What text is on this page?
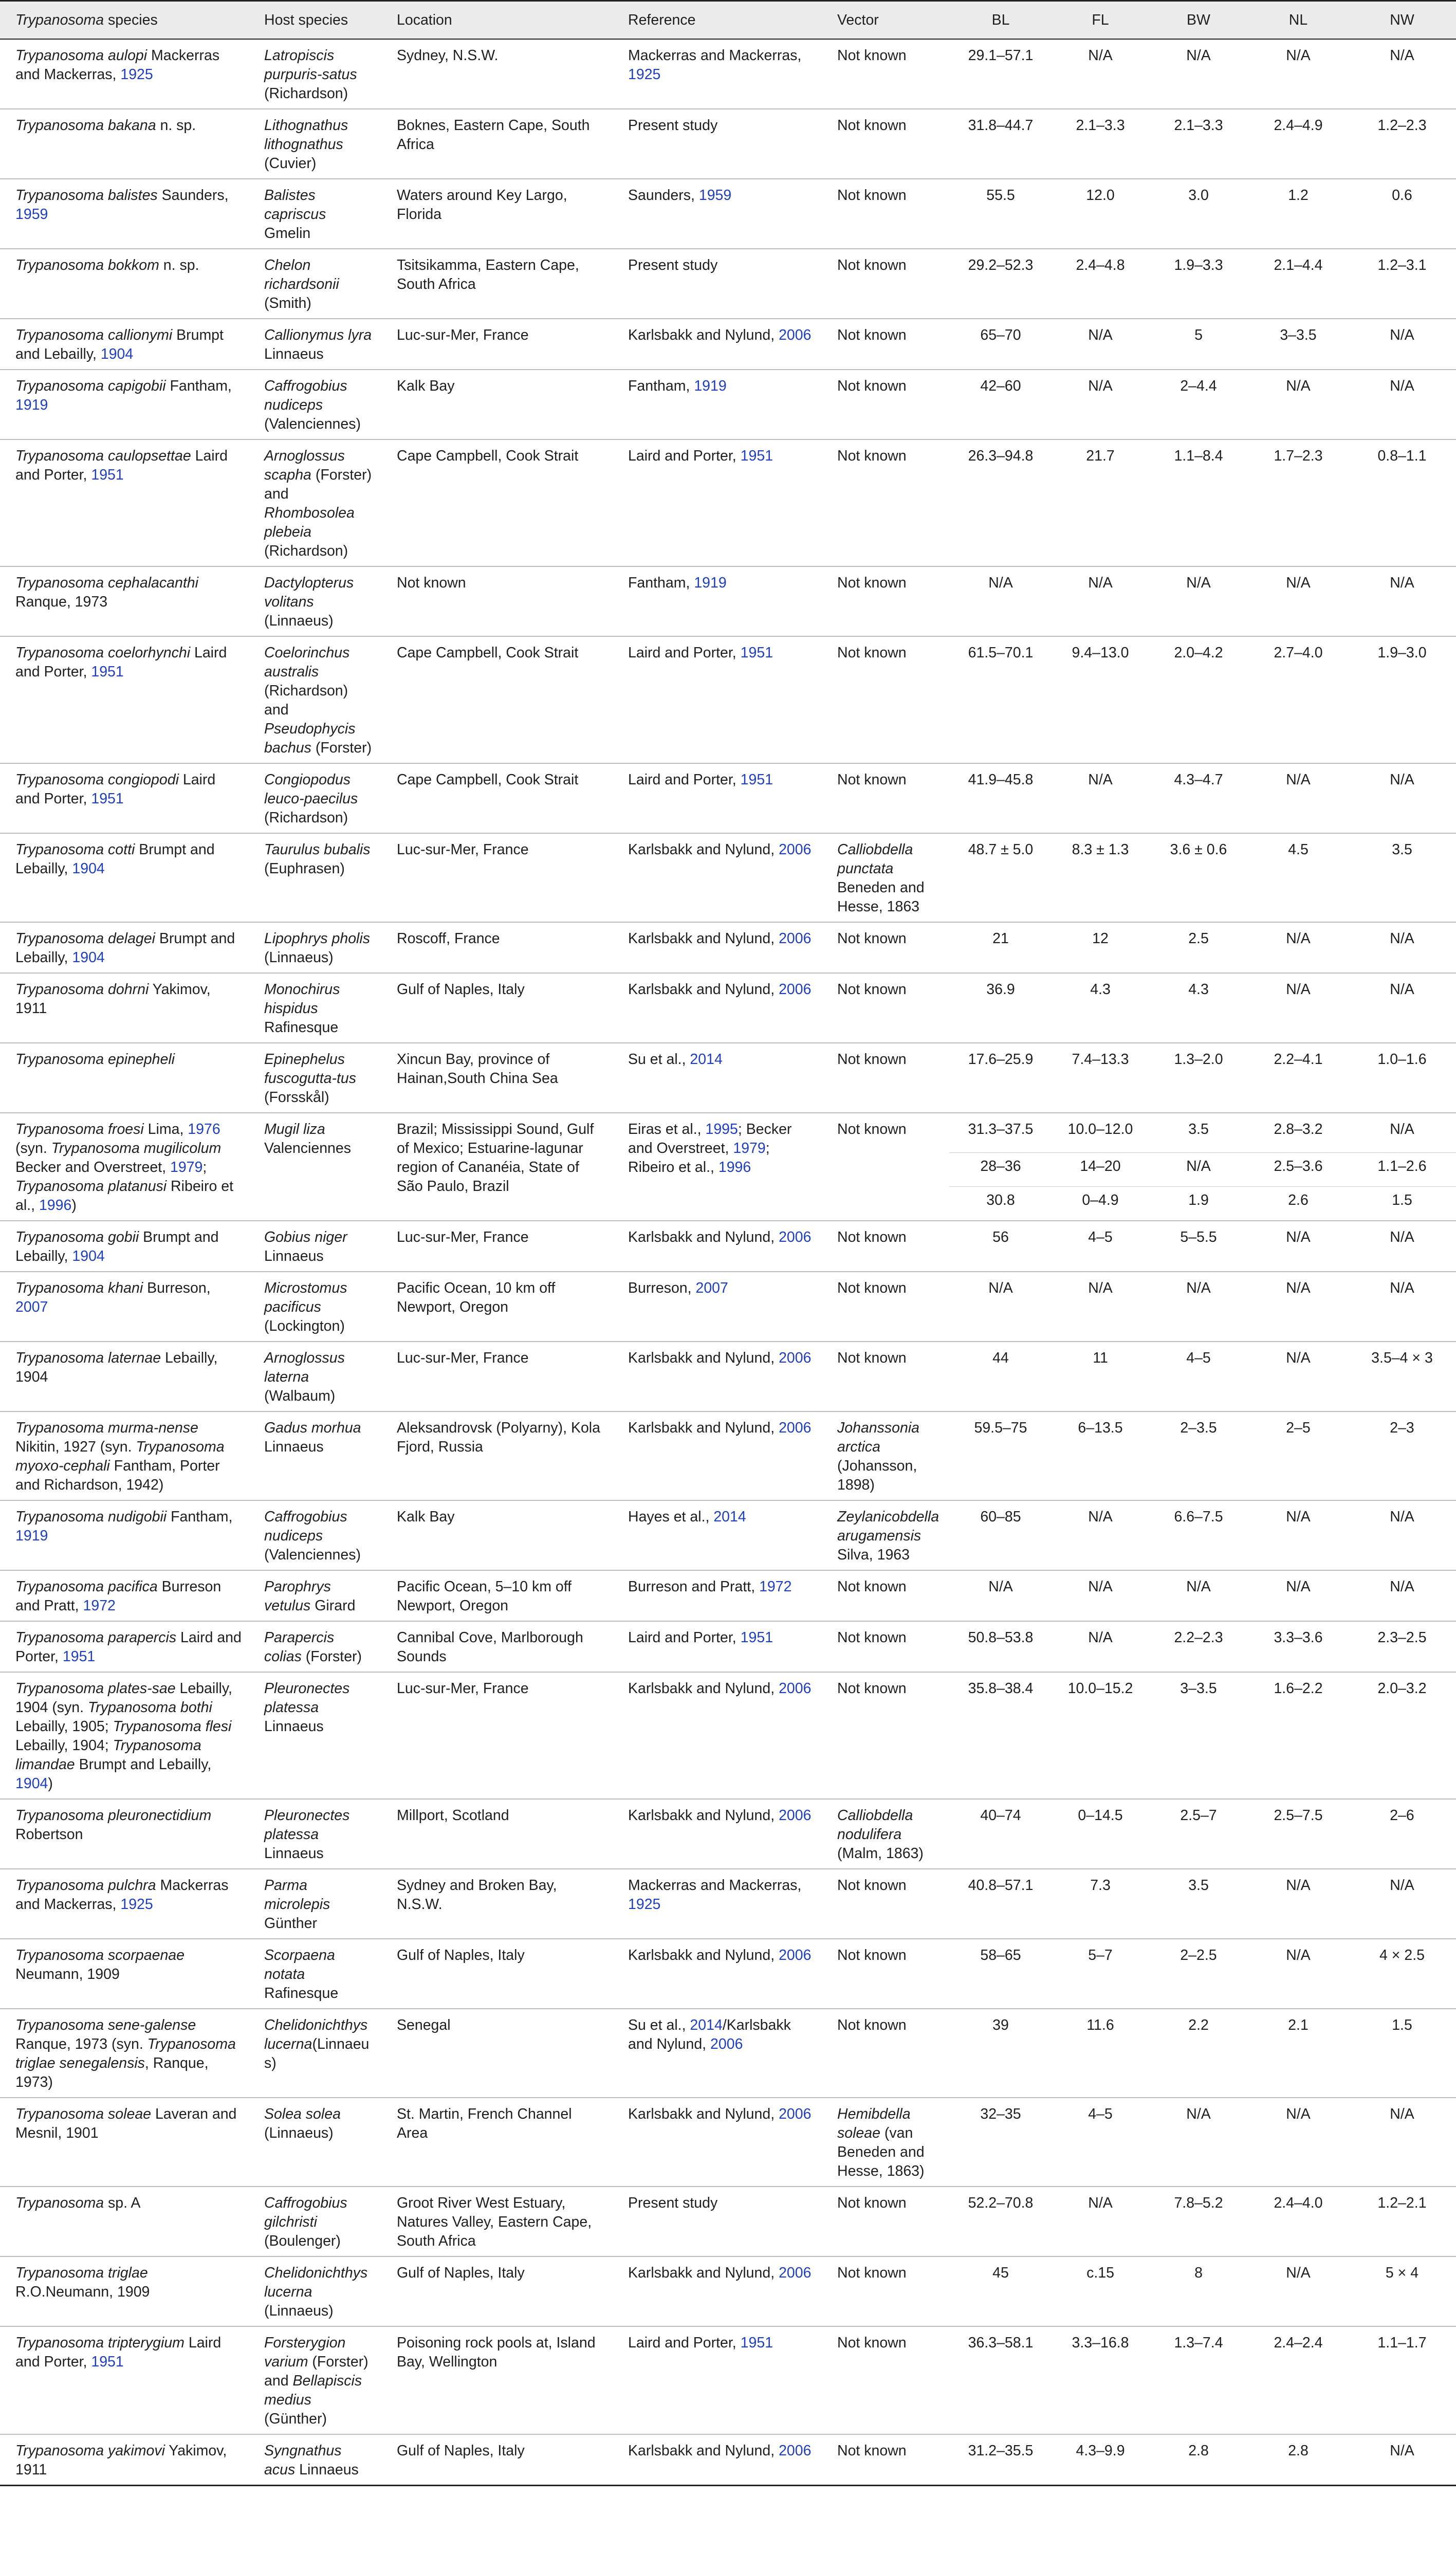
Trypanosoma species	Host species	Location	Reference	Vector	BL	FL	BW	NL	NW
Trypanosoma aulopi Mackerras and Mackerras, 1925	Latropiscis purpuris-satus (Richardson)	Sydney, N.S.W.	Mackerras and Mackerras, 1925	Not known	29.1–57.1	N/A	N/A	N/A	N/A
Trypanosoma bakana n. sp.	Lithognathus lithognathus (Cuvier)	Boknes, Eastern Cape, South Africa	Present study	Not known	31.8–44.7	2.1–3.3	2.1–3.3	2.4–4.9	1.2–2.3
Trypanosoma balistes Saunders, 1959	Balistes capriscus Gmelin	Waters around Key Largo, Florida	Saunders, 1959	Not known	55.5	12.0	3.0	1.2	0.6
Trypanosoma bokkom n. sp.	Chelon richardsonii (Smith)	Tsitsikamma, Eastern Cape, South Africa	Present study	Not known	29.2–52.3	2.4–4.8	1.9–3.3	2.1–4.4	1.2–3.1
Trypanosoma callionymi Brumpt and Lebailly, 1904	Callionymus lyra Linnaeus	Luc-sur-Mer, France	Karlsbakk and Nylund, 2006	Not known	65–70	N/A	5	3–3.5	N/A
Trypanosoma capigobii Fantham, 1919	Caffrogobius nudiceps (Valenciennes)	Kalk Bay	Fantham, 1919	Not known	42–60	N/A	2–4.4	N/A	N/A
Trypanosoma caulopsettae Laird and Porter, 1951	Arnoglossus scapha (Forster) and Rhombosolea plebeia (Richardson)	Cape Campbell, Cook Strait	Laird and Porter, 1951	Not known	26.3–94.8	21.7	1.1–8.4	1.7–2.3	0.8–1.1
Trypanosoma cephalacanthi Ranque, 1973	Dactylopterus volitans (Linnaeus)	Not known	Fantham, 1919	Not known	N/A	N/A	N/A	N/A	N/A
Trypanosoma coelorhynchi Laird and Porter, 1951	Coelorinchus australis (Richardson) and Pseudophycis bachus (Forster)	Cape Campbell, Cook Strait	Laird and Porter, 1951	Not known	61.5–70.1	9.4–13.0	2.0–4.2	2.7–4.0	1.9–3.0
Trypanosoma congiopodi Laird and Porter, 1951	Congiopodus leuco-paecilus (Richardson)	Cape Campbell, Cook Strait	Laird and Porter, 1951	Not known	41.9–45.8	N/A	4.3–4.7	N/A	N/A
Trypanosoma cotti Brumpt and Lebailly, 1904	Taurulus bubalis (Euphrasen)	Luc-sur-Mer, France	Karlsbakk and Nylund, 2006	Calliobdella punctata Beneden and Hesse, 1863	48.7 ± 5.0	8.3 ± 1.3	3.6 ± 0.6	4.5	3.5
Trypanosoma delagei Brumpt and Lebailly, 1904	Lipophrys pholis (Linnaeus)	Roscoff, France	Karlsbakk and Nylund, 2006	Not known	21	12	2.5	N/A	N/A
Trypanosoma dohrni Yakimov, 1911	Monochirus hispidus Rafinesque	Gulf of Naples, Italy	Karlsbakk and Nylund, 2006	Not known	36.9	4.3	4.3	N/A	N/A
Trypanosoma epinepheli	Epinephelus fuscogutta-tus (Forsskål)	Xincun Bay, province of Hainan,South China Sea	Su et al., 2014	Not known	17.6–25.9	7.4–13.3	1.3–2.0	2.2–4.1	1.0–1.6
Trypanosoma froesi Lima, 1976 (syn. Trypanosoma mugilicolum Becker and Overstreet, 1979; Trypanosoma platanusi Ribeiro et al., 1996)	Mugil liza Valenciennes	Brazil; Mississippi Sound, Gulf of Mexico; Estuarine-lagunar region of Cananéia, State of São Paulo, Brazil	Eiras et al., 1995; Becker and Overstreet, 1979; Ribeiro et al., 1996	Not known	31.3–37.5	10.0–12.0	3.5	2.8–3.2	N/A
					28–36	14–20	N/A	2.5–3.6	1.1–2.6
					30.8	0–4.9	1.9	2.6	1.5
Trypanosoma gobii Brumpt and Lebailly, 1904	Gobius niger Linnaeus	Luc-sur-Mer, France	Karlsbakk and Nylund, 2006	Not known	56	4–5	5–5.5	N/A	N/A
Trypanosoma khani Burreson, 2007	Microstomus pacificus (Lockington)	Pacific Ocean, 10 km off Newport, Oregon	Burreson, 2007	Not known	N/A	N/A	N/A	N/A	N/A
Trypanosoma laternae Lebailly, 1904	Arnoglossus laterna (Walbaum)	Luc-sur-Mer, France	Karlsbakk and Nylund, 2006	Not known	44	11	4–5	N/A	3.5–4 × 3
Trypanosoma murma-nense Nikitin, 1927 (syn. Trypanosoma myoxo-cephali Fantham, Porter and Richardson, 1942)	Gadus morhua Linnaeus	Aleksandrovsk (Polyarny), Kola Fjord, Russia	Karlsbakk and Nylund, 2006	Johanssonia arctica (Johansson, 1898)	59.5–75	6–13.5	2–3.5	2–5	2–3
Trypanosoma nudigobii Fantham, 1919	Caffrogobius nudiceps (Valenciennes)	Kalk Bay	Hayes et al., 2014	Zeylanicobdella arugamensis Silva, 1963	60–85	N/A	6.6–7.5	N/A	N/A
Trypanosoma pacifica Burreson and Pratt, 1972	Parophrys vetulus Girard	Pacific Ocean, 5–10 km off Newport, Oregon	Burreson and Pratt, 1972	Not known	N/A	N/A	N/A	N/A	N/A
Trypanosoma parapercis Laird and Porter, 1951	Parapercis colias (Forster)	Cannibal Cove, Marlborough Sounds	Laird and Porter, 1951	Not known	50.8–53.8	N/A	2.2–2.3	3.3–3.6	2.3–2.5
Trypanosoma plates-sae Lebailly, 1904 (syn. Trypanosoma bothi Lebailly, 1905; Trypanosoma flesi Lebailly, 1904; Trypanosoma limandae Brumpt and Lebailly, 1904)	Pleuronectes platessa Linnaeus	Luc-sur-Mer, France	Karlsbakk and Nylund, 2006	Not known	35.8–38.4	10.0–15.2	3–3.5	1.6–2.2	2.0–3.2
Trypanosoma pleuronectidium Robertson	Pleuronectes platessa Linnaeus	Millport, Scotland	Karlsbakk and Nylund, 2006	Calliobdella nodulifera (Malm, 1863)	40–74	0–14.5	2.5–7	2.5–7.5	2–6
Trypanosoma pulchra Mackerras and Mackerras, 1925	Parma microlepis Günther	Sydney and Broken Bay, N.S.W.	Mackerras and Mackerras, 1925	Not known	40.8–57.1	7.3	3.5	N/A	N/A
Trypanosoma scorpaenae Neumann, 1909	Scorpaena notata Rafinesque	Gulf of Naples, Italy	Karlsbakk and Nylund, 2006	Not known	58–65	5–7	2–2.5	N/A	4 × 2.5
Trypanosoma sene-galense Ranque, 1973 (syn. Trypanosoma triglae senegalensis, Ranque, 1973)	Chelidonichthys lucerna(Linnaeus)	Senegal	Su et al., 2014/Karlsbakk and Nylund, 2006	Not known	39	11.6	2.2	2.1	1.5
Trypanosoma soleae Laveran and Mesnil, 1901	Solea solea (Linnaeus)	St. Martin, French Channel Area	Karlsbakk and Nylund, 2006	Hemibdella soleae (van Beneden and Hesse, 1863)	32–35	4–5	N/A	N/A	N/A
Trypanosoma sp. A	Caffrogobius gilchristi (Boulenger)	Groot River West Estuary, Natures Valley, Eastern Cape, South Africa	Present study	Not known	52.2–70.8	N/A	7.8–5.2	2.4–4.0	1.2–2.1
Trypanosoma triglae R.O.Neumann, 1909	Chelidonichthys lucerna (Linnaeus)	Gulf of Naples, Italy	Karlsbakk and Nylund, 2006	Not known	45	c.15	8	N/A	5 × 4
Trypanosoma tripterygium Laird and Porter, 1951	Forsterygion varium (Forster) and Bellapiscis medius (Günther)	Poisoning rock pools at, Island Bay, Wellington	Laird and Porter, 1951	Not known	36.3–58.1	3.3–16.8	1.3–7.4	2.4–2.4	1.1–1.7
Trypanosoma yakimovi Yakimov, 1911	Syngnathus acus Linnaeus	Gulf of Naples, Italy	Karlsbakk and Nylund, 2006	Not known	31.2–35.5	4.3–9.9	2.8	2.8	N/A
